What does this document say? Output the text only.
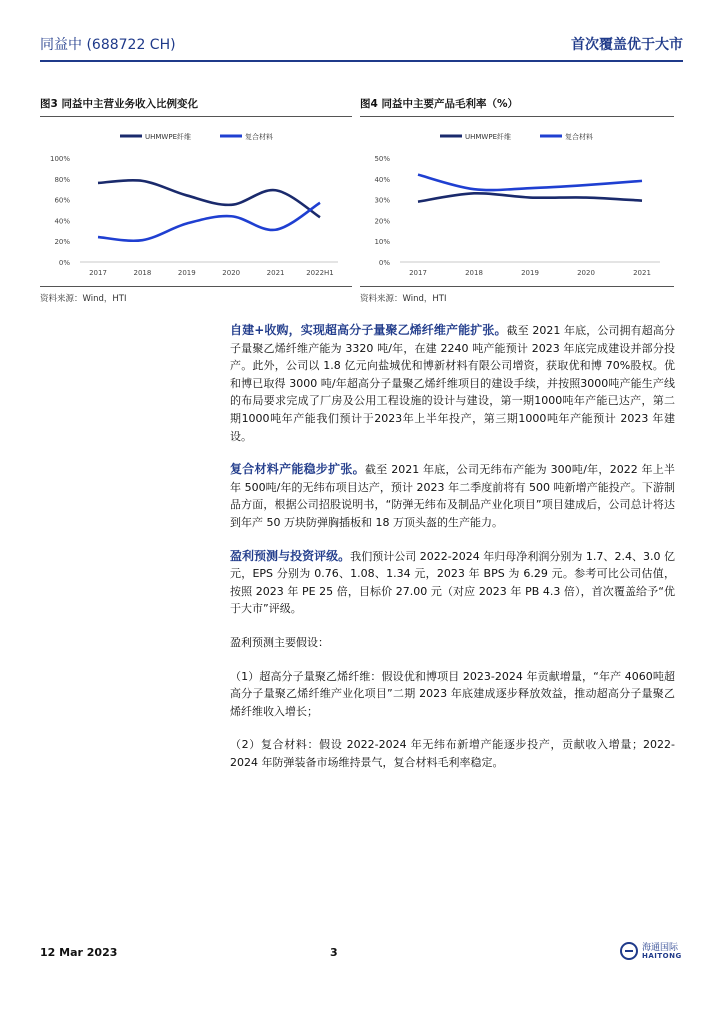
同益中 (688722 CH)	首次覆盖优于大市
图3 同益中主营业务收入比例变化
UHMWPE纤维	复合材料
0%
20%
40%
60%
80%
100%
2017	2018	2019	2020	2021	2022H1
资料来源：Wind，HTI
图4 同益中主要产品毛利率（%）
UHMWPE纤维	复合材料
0%
10%
20%
30%
40%
50%
2017	2018	2019	2020	2021
资料来源：Wind，HTI

自建+收购，实现超高分子量聚乙烯纤维产能扩张。截至 2021 年底，公司拥有超高分子量聚乙烯纤维产能为 3320 吨/年，在建 2240 吨产能预计 2023 年底完成建设并部分投产。此外，公司以 1.8 亿元向盐城优和博新材料有限公司增资，获取优和博 70%股权。优和博已取得 3000 吨/年超高分子量聚乙烯纤维项目的建设手续，并按照3000吨产能生产线的布局要求完成了厂房及公用工程设施的设计与建设，第一期1000吨年产能已达产，第二期1000吨年产能我们预计于2023年上半年投产，第三期1000吨年产能预计 2023 年建设。

复合材料产能稳步扩张。截至 2021 年底，公司无纬布产能为 300吨/年，2022 年上半年 500吨/年的无纬布项目达产，预计 2023 年二季度前将有 500 吨新增产能投产。下游制品方面，根据公司招股说明书，“防弹无纬布及制品产业化项目”项目建成后，公司总计将达到年产 50 万块防弹胸插板和 18 万顶头盔的生产能力。

盈利预测与投资评级。我们预计公司 2022-2024 年归母净利润分别为 1.7、2.4、3.0 亿元，EPS 分别为 0.76、1.08、1.34 元，2023 年 BPS 为 6.29 元。参考可比公司估值，按照 2023 年 PE 25 倍，目标价 27.00 元（对应 2023 年 PB 4.3 倍），首次覆盖给予“优于大市”评级。

盈利预测主要假设：

（1）超高分子量聚乙烯纤维：假设优和博项目 2023-2024 年贡献增量，“年产 4060吨超高分子量聚乙烯纤维产业化项目”二期 2023 年底建成逐步释放效益，推动超高分子量聚乙烯纤维收入增长；

（2）复合材料：假设 2022-2024 年无纬布新增产能逐步投产，贡献收入增量；2022-2024 年防弹装备市场维持景气，复合材料毛利率稳定。

12 Mar 2023	3	海通国际
HAITONG
